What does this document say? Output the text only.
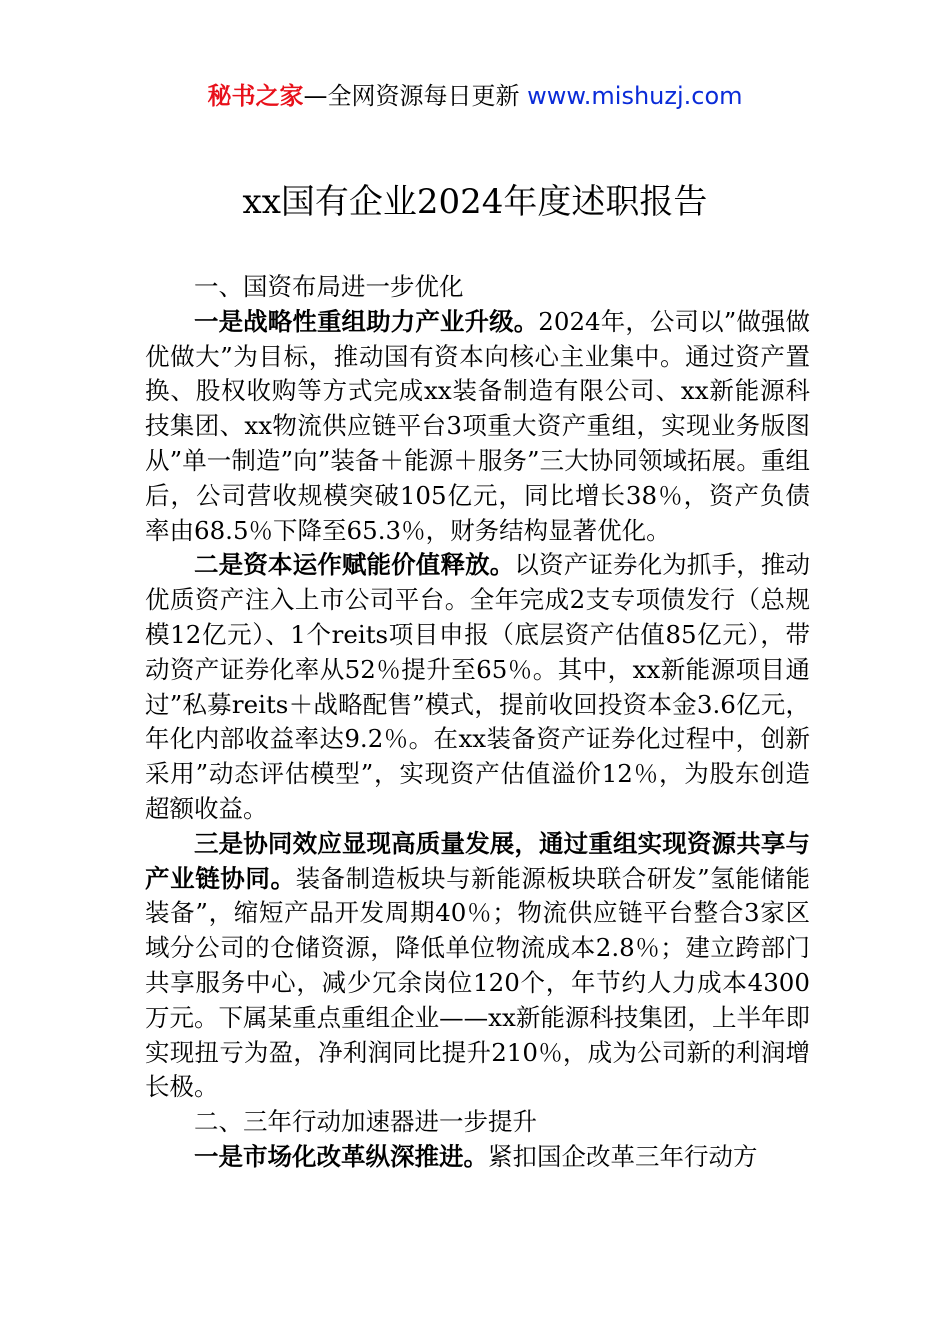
秘书之家—全网资源每日更新 www.mishuzj.com
xx国有企业2024年度述职报告

一、国资布局进一步优化

一是战略性重组助力产业升级。2024年，公司以”做强做优做大”为目标，推动国有资本向核心主业集中。通过资产置换、股权收购等方式完成xx装备制造有限公司、xx新能源科技集团、xx物流供应链平台3项重大资产重组，实现业务版图从”单一制造”向”装备＋能源＋服务”三大协同领域拓展。重组后，公司营收规模突破105亿元，同比增长38％，资产负债率由68.5％下降至65.3％，财务结构显著优化。

二是资本运作赋能价值释放。以资产证券化为抓手，推动优质资产注入上市公司平台。全年完成2支专项债发行（总规模12亿元）、1个reits项目申报（底层资产估值85亿元），带动资产证券化率从52％提升至65％。其中，xx新能源项目通过”私募reits＋战略配售”模式，提前收回投资本金3.6亿元，年化内部收益率达9.2％。在xx装备资产证券化过程中，创新采用”动态评估模型”，实现资产估值溢价12％，为股东创造超额收益。

三是协同效应显现高质量发展，通过重组实现资源共享与产业链协同。装备制造板块与新能源板块联合研发”氢能储能装备”，缩短产品开发周期40％；物流供应链平台整合3家区域分公司的仓储资源，降低单位物流成本2.8％；建立跨部门共享服务中心，减少冗余岗位120个，年节约人力成本4300万元。下属某重点重组企业——xx新能源科技集团，上半年即实现扭亏为盈，净利润同比提升210％，成为公司新的利润增长极。

二、三年行动加速器进一步提升

一是市场化改革纵深推进。紧扣国企改革三年行动方
